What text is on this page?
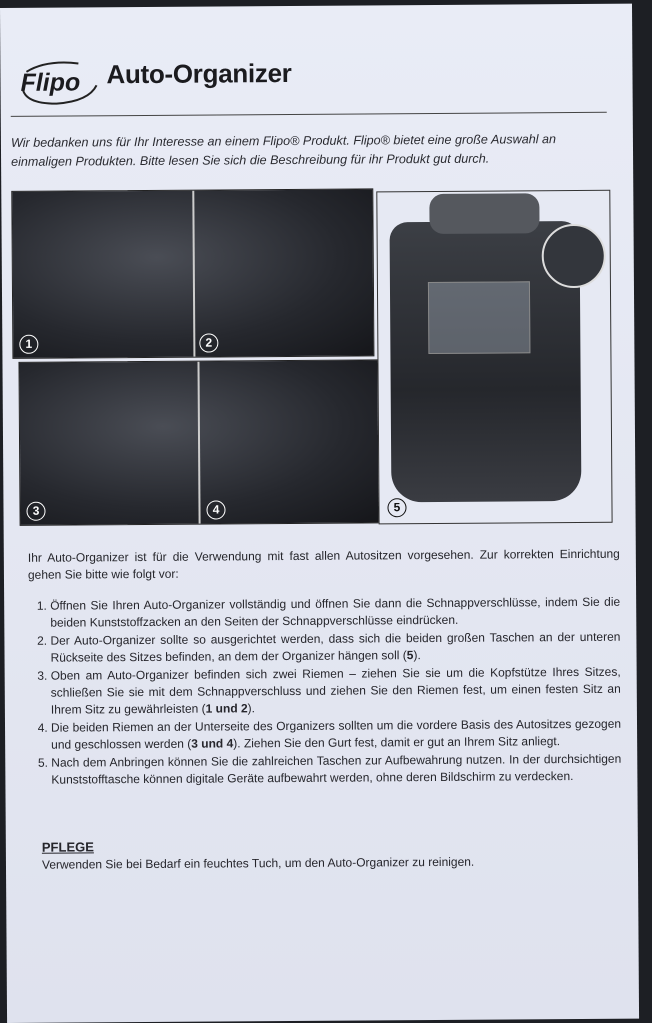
Flipo Auto-Organizer
Wir bedanken uns für Ihr Interesse an einem Flipo® Produkt. Flipo® bietet eine große Auswahl an einmaligen Produkten. Bitte lesen Sie sich die Beschreibung für ihr Produkt gut durch.
1	2
3	4	5

Ihr Auto-Organizer ist für die Verwendung mit fast allen Autositzen vorgesehen. Zur korrekten Einrichtung gehen Sie bitte wie folgt vor:

1. Öffnen Sie Ihren Auto-Organizer vollständig und öffnen Sie dann die Schnappverschlüsse, indem Sie die beiden Kunststoffzacken an den Seiten der Schnappverschlüsse eindrücken.
2. Der Auto-Organizer sollte so ausgerichtet werden, dass sich die beiden großen Taschen an der unteren Rückseite des Sitzes befinden, an dem der Organizer hängen soll (5).
3. Oben am Auto-Organizer befinden sich zwei Riemen – ziehen Sie sie um die Kopfstütze Ihres Sitzes, schließen Sie sie mit dem Schnappverschluss und ziehen Sie den Riemen fest, um einen festen Sitz an Ihrem Sitz zu gewährleisten (1 und 2).
4. Die beiden Riemen an der Unterseite des Organizers sollten um die vordere Basis des Autositzes gezogen und geschlossen werden (3 und 4). Ziehen Sie den Gurt fest, damit er gut an Ihrem Sitz anliegt.
5. Nach dem Anbringen können Sie die zahlreichen Taschen zur Aufbewahrung nutzen. In der durchsichtigen Kunststofftasche können digitale Geräte aufbewahrt werden, ohne deren Bildschirm zu verdecken.
PFLEGE
Verwenden Sie bei Bedarf ein feuchtes Tuch, um den Auto-Organizer zu reinigen.
